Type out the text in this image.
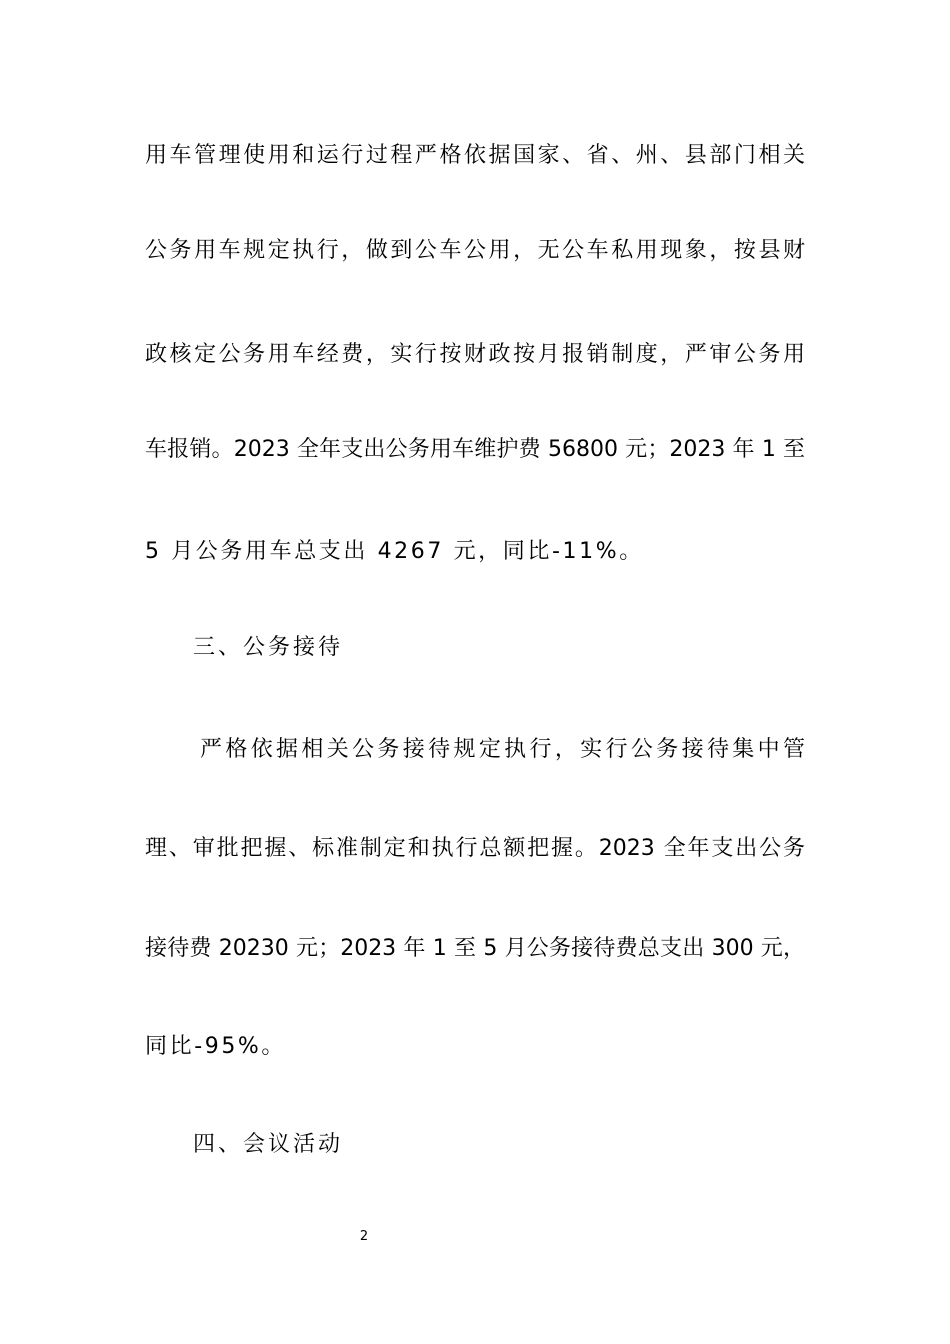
用车管理使用和运行过程严格依据国家、省、州、县部门相关
公务用车规定执行，做到公车公用，无公车私用现象，按县财
政核定公务用车经费，实行按财政按月报销制度，严审公务用
车报销。2023 全年支出公务用车维护费 56800 元；2023 年 1 至
5 月公务用车总支出 4267 元，同比-11%。
三、公务接待
严格依据相关公务接待规定执行，实行公务接待集中管
理、审批把握、标准制定和执行总额把握。2023 全年支出公务
接待费 20230 元；2023 年 1 至 5 月公务接待费总支出 300 元，
同比-95%。
四、会议活动
2
